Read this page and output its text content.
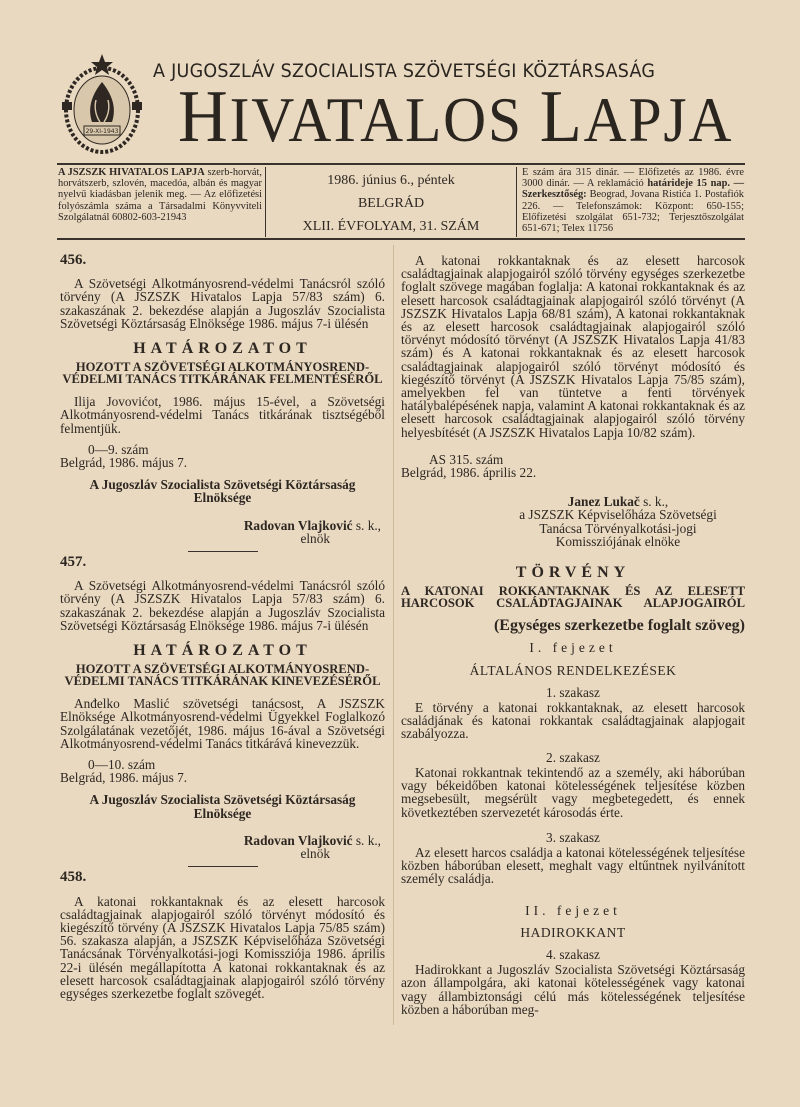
29-XI-1943
A JUGOSZLÁV SZOCIALISTA SZÖVETSÉGI KÖZTÁRSASÁG
HIVATALOS LAPJA
A JSZSZK HIVATALOS LAPJA szerb-horvát, horvátszerb, szlovén, macedóa, albán és magyar nyelvű kiadásban jelenik meg. — Az előfizetési folyószámla száma a Társadalmi Könyvviteli Szolgálatnál 60802-603-21943
1986. június 6., péntek
BELGRÁD
XLII. ÉVFOLYAM, 31. SZÁM
E szám ára 315 dinár. — Előfizetés az 1986. évre 3000 dinár. — A reklamáció határideje 15 nap. — Szerkesztőség: Beograd, Jovana Ristića 1. Postafiók 226. — Telefonszámok: Központ: 650-155; Előfizetési szolgálat 651-732; Terjesztőszolgálat 651-671; Telex 11756
456.

A Szövetségi Alkotmányosrend-védelmi Tanácsról szóló törvény (A JSZSZK Hivatalos Lapja 57/83 szám) 6. szakaszának 2. bekezdése alapján a Jugoszláv Szocialista Szövetségi Köztársaság Elnöksége 1986. május 7-i ülésén

HATÁROZATOT
HOZOTT A SZÖVETSÉGI ALKOTMÁNYOSREND-VÉDELMI TANÁCS TITKÁRÁNAK FELMENTÉSÉRŐL

Ilija Jovovićot, 1986. május 15-ével, a Szövetségi Alkotmányosrend-védelmi Tanács titkárának tisztségéből felmentjük.

0—9. szám
Belgrád, 1986. május 7.
A Jugoszláv Szocialista Szövetségi Köztársaság Elnöksége
Radovan Vlajković s. k.,
elnök
457.

A Szövetségi Alkotmányosrend-védelmi Tanácsról szóló törvény (A JSZSZK Hivatalos Lapja 57/83 szám) 6. szakaszának 2. bekezdése alapján a Jugoszláv Szocialista Szövetségi Köztársaság Elnöksége 1986. május 7-i ülésén

HATÁROZATOT
HOZOTT A SZÖVETSÉGI ALKOTMÁNYOSREND-VÉDELMI TANÁCS TITKÁRÁNAK KINEVEZÉSÉRŐL

Anđelko Maslić szövetségi tanácsost, A JSZSZK Elnöksége Alkotmányosrend-védelmi Ügyekkel Foglalkozó Szolgálatának vezetőjét, 1986. május 16-ával a Szövetségi Alkotmányosrend-védelmi Tanács titkárává kinevezzük.

0—10. szám
Belgrád, 1986. május 7.
A Jugoszláv Szocialista Szövetségi Köztársaság Elnöksége
Radovan Vlajković s. k.,
elnök
458.

A katonai rokkantaknak és az elesett harcosok családtagjainak alapjogairól szóló törvényt módosító és kiegészítő törvény (A JSZSZK Hivatalos Lapja 75/85 szám) 56. szakasza alapján, a JSZSZK Képviselőháza Szövetségi Tanácsának Törvényalkotási-jogi Komissziója 1986. április 22-i ülésén megállapította A katonai rokkantaknak és az elesett harcosok családtagjainak alapjogairól szóló törvény egységes szerkezetbe foglalt szövegét.

A katonai rokkantaknak és az elesett harcosok családtagjainak alapjogairól szóló törvény egységes szerkezetbe foglalt szövege magában foglalja: A katonai rokkantaknak és az elesett harcosok családtagjainak alapjogairól szóló törvényt (A JSZSZK Hivatalos Lapja 68/81 szám), A katonai rokkantaknak és az elesett harcosok családtagjainak alapjogairól szóló törvényt módosító törvényt (A JSZSZK Hivatalos Lapja 41/83 szám) és A katonai rokkantaknak és az elesett harcosok családtagjainak alapjogairól szóló törvényt módosító és kiegészítő törvényt (A JSZSZK Hivatalos Lapja 75/85 szám), amelyekben fel van tüntetve a fenti törvények hatálybalépésének napja, valamint A katonai rokkantaknak és az elesett harcosok családtagjainak alapjogairól szóló törvény helyesbítését (A JSZSZK Hivatalos Lapja 10/82 szám).

AS 315. szám
Belgrád, 1986. április 22.
Janez Lukač s. k.,
a JSZSZK Képviselőháza Szövetségi
Tanácsa Törvényalkotási-jogi
Komissziójának elnöke
TÖRVÉNY
A KATONAI ROKKANTAKNAK ÉS AZ ELESETT HARCOSOK CSALÁDTAGJAINAK ALAPJOGAIRÓL
(Egységes szerkezetbe foglalt szöveg)
I. fejezet
ÁLTALÁNOS RENDELKEZÉSEK
1. szakasz

E törvény a katonai rokkantaknak, az elesett harcosok családjának és katonai rokkantak családtagjainak alapjogait szabályozza.

2. szakasz

Katonai rokkantnak tekintendő az a személy, aki háborúban vagy békeidőben katonai kötelességének teljesítése közben megsebesült, megsérült vagy megbetegedett, és ennek következtében szervezetét károsodás érte.

3. szakasz

Az elesett harcos családja a katonai kötelességének teljesítése közben háborúban elesett, meghalt vagy eltűntnek nyilvánított személy családja.

II. fejezet
HADIROKKANT
4. szakasz

Hadirokkant a Jugoszláv Szocialista Szövetségi Köztársaság azon állampolgára, aki katonai kötelességének vagy katonai vagy állambiztonsági célú más kötelességének teljesítése közben a háborúban meg-
